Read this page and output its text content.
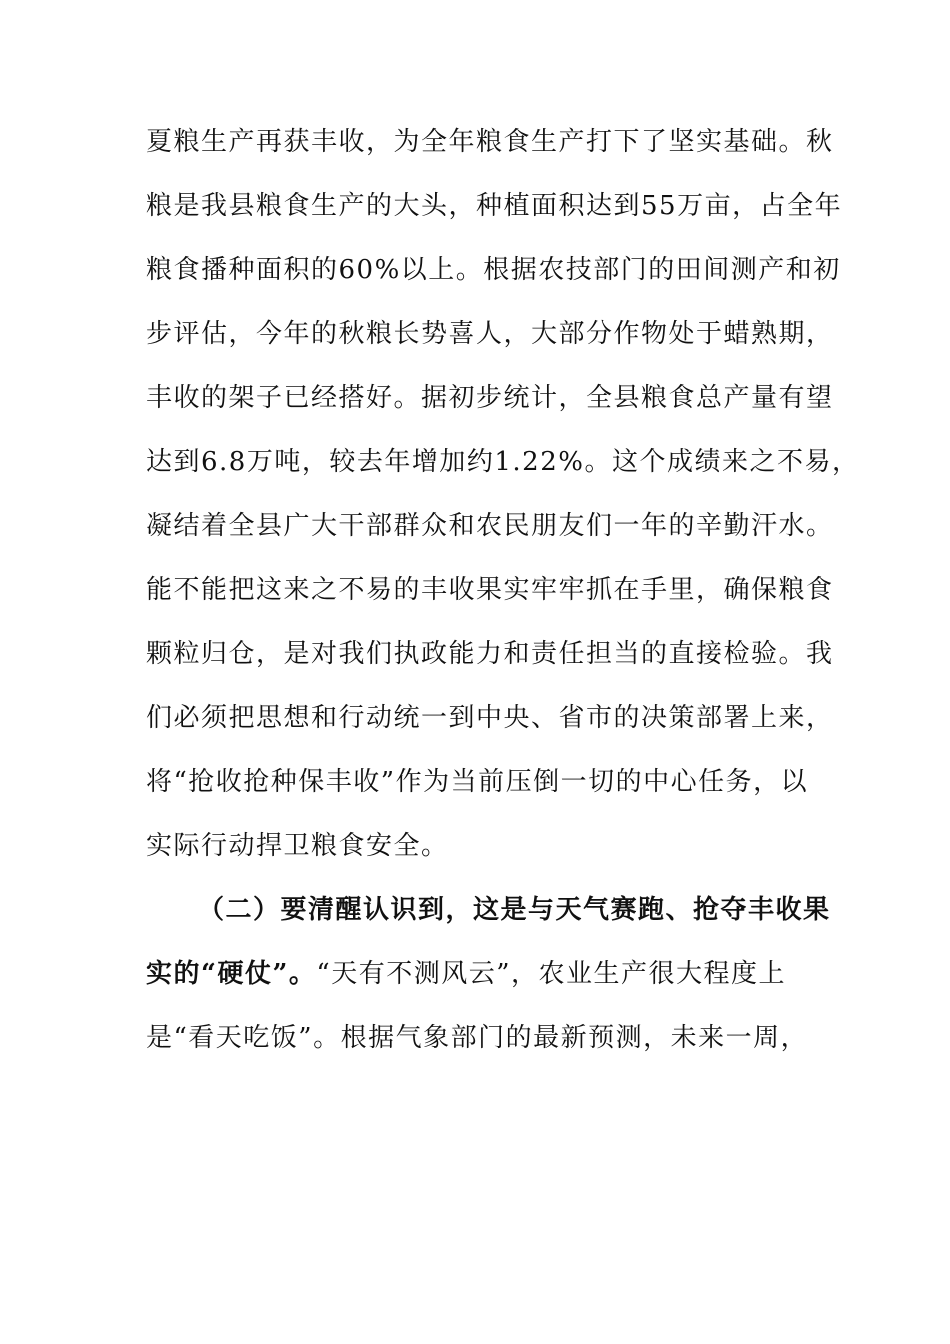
夏粮生产再获丰收，为全年粮食生产打下了坚实基础。秋
粮是我县粮食生产的大头，种植面积达到55万亩，占全年
粮食播种面积的60%以上。根据农技部门的田间测产和初
步评估，今年的秋粮长势喜人，大部分作物处于蜡熟期，
丰收的架子已经搭好。据初步统计，全县粮食总产量有望
达到6.8万吨，较去年增加约1.22%。这个成绩来之不易，
凝结着全县广大干部群众和农民朋友们一年的辛勤汗水。
能不能把这来之不易的丰收果实牢牢抓在手里，确保粮食
颗粒归仓，是对我们执政能力和责任担当的直接检验。我
们必须把思想和行动统一到中央、省市的决策部署上来，
将“抢收抢种保丰收”作为当前压倒一切的中心任务，以
实际行动捍卫粮食安全。
（二）要清醒认识到，这是与天气赛跑、抢夺丰收果
实的“硬仗”。“天有不测风云”，农业生产很大程度上
是“看天吃饭”。根据气象部门的最新预测，未来一周，
